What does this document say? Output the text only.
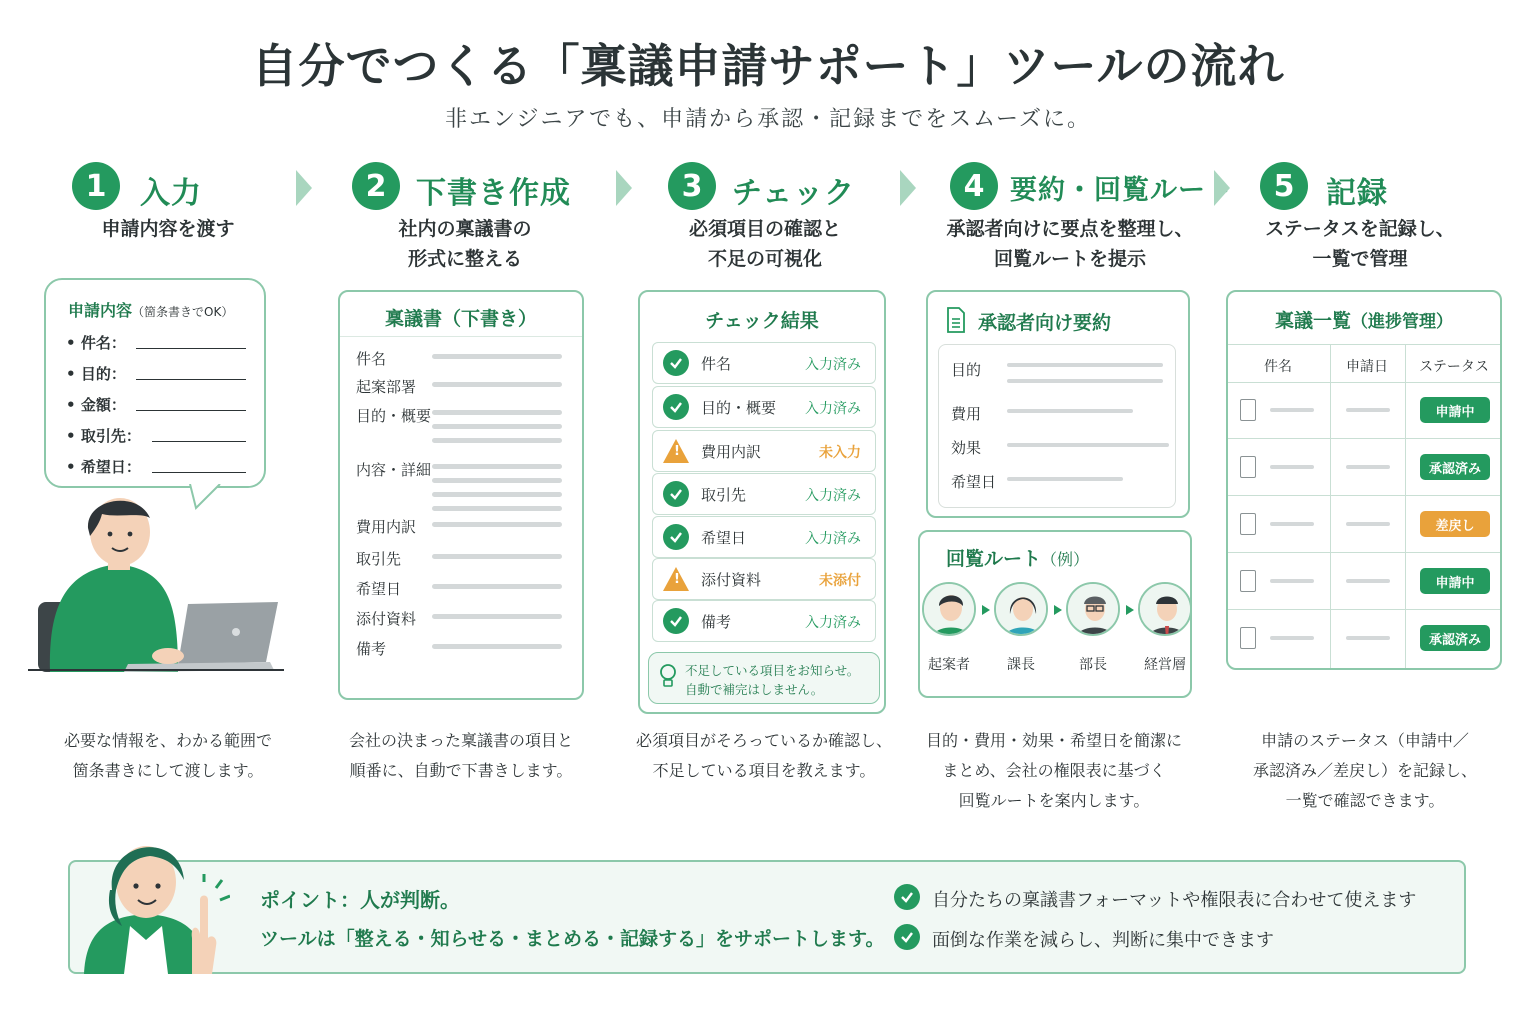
自分でつくる「稟議申請サポート」ツールの流れ
非エンジニアでも、申請から承認・記録までをスムーズに。
1	入力	2 下書き作成	3 チェック	4 要約・回覧ルート	5	記録
申請内容を渡す	社内の稟議書の
形式に整える
必須項目の確認と
不足の可視化
承認者向けに要点を整理し、
回覧ルートを提示
ステータスを記録し、
一覧で管理
申請内容（箇条書きでOK）
• 件名：
• 目的：
• 金額：
• 取引先：
• 希望日：
稟議書（下書き）
件名
起案部署
目的・概要
内容・詳細
費用内訳
取引先
希望日
添付資料
備考
チェック結果
件名	入力済み
目的・概要 入力済み
! 費用内訳	未入力
取引先	入力済み
希望日	入力済み
! 添付資料	未添付
備考	入力済み
不足している項目をお知らせ。
自動で補完はしません。
承認者向け要約
目的
費用
効果
希望日
回覧ルート（例）
起案者	課長	部長	経営層
稟議一覧（進捗管理）
件名	申請日	ステータス
申請中
承認済み
差戻し
申請中
承認済み
必要な情報を、わかる範囲で
箇条書きにして渡します。
会社の決まった稟議書の項目と
順番に、自動で下書きします。
必須項目がそろっているか確認し、
不足している項目を教えます。
目的・費用・効果・希望日を簡潔に
まとめ、会社の権限表に基づく
回覧ルートを案内します。
申請のステータス（申請中／
承認済み／差戻し）を記録し、
一覧で確認できます。
ポイント：人が判断。
ツールは「整える・知らせる・まとめる・記録する」をサポートします。
自分たちの稟議書フォーマットや権限表に合わせて使えます
面倒な作業を減らし、判断に集中できます
